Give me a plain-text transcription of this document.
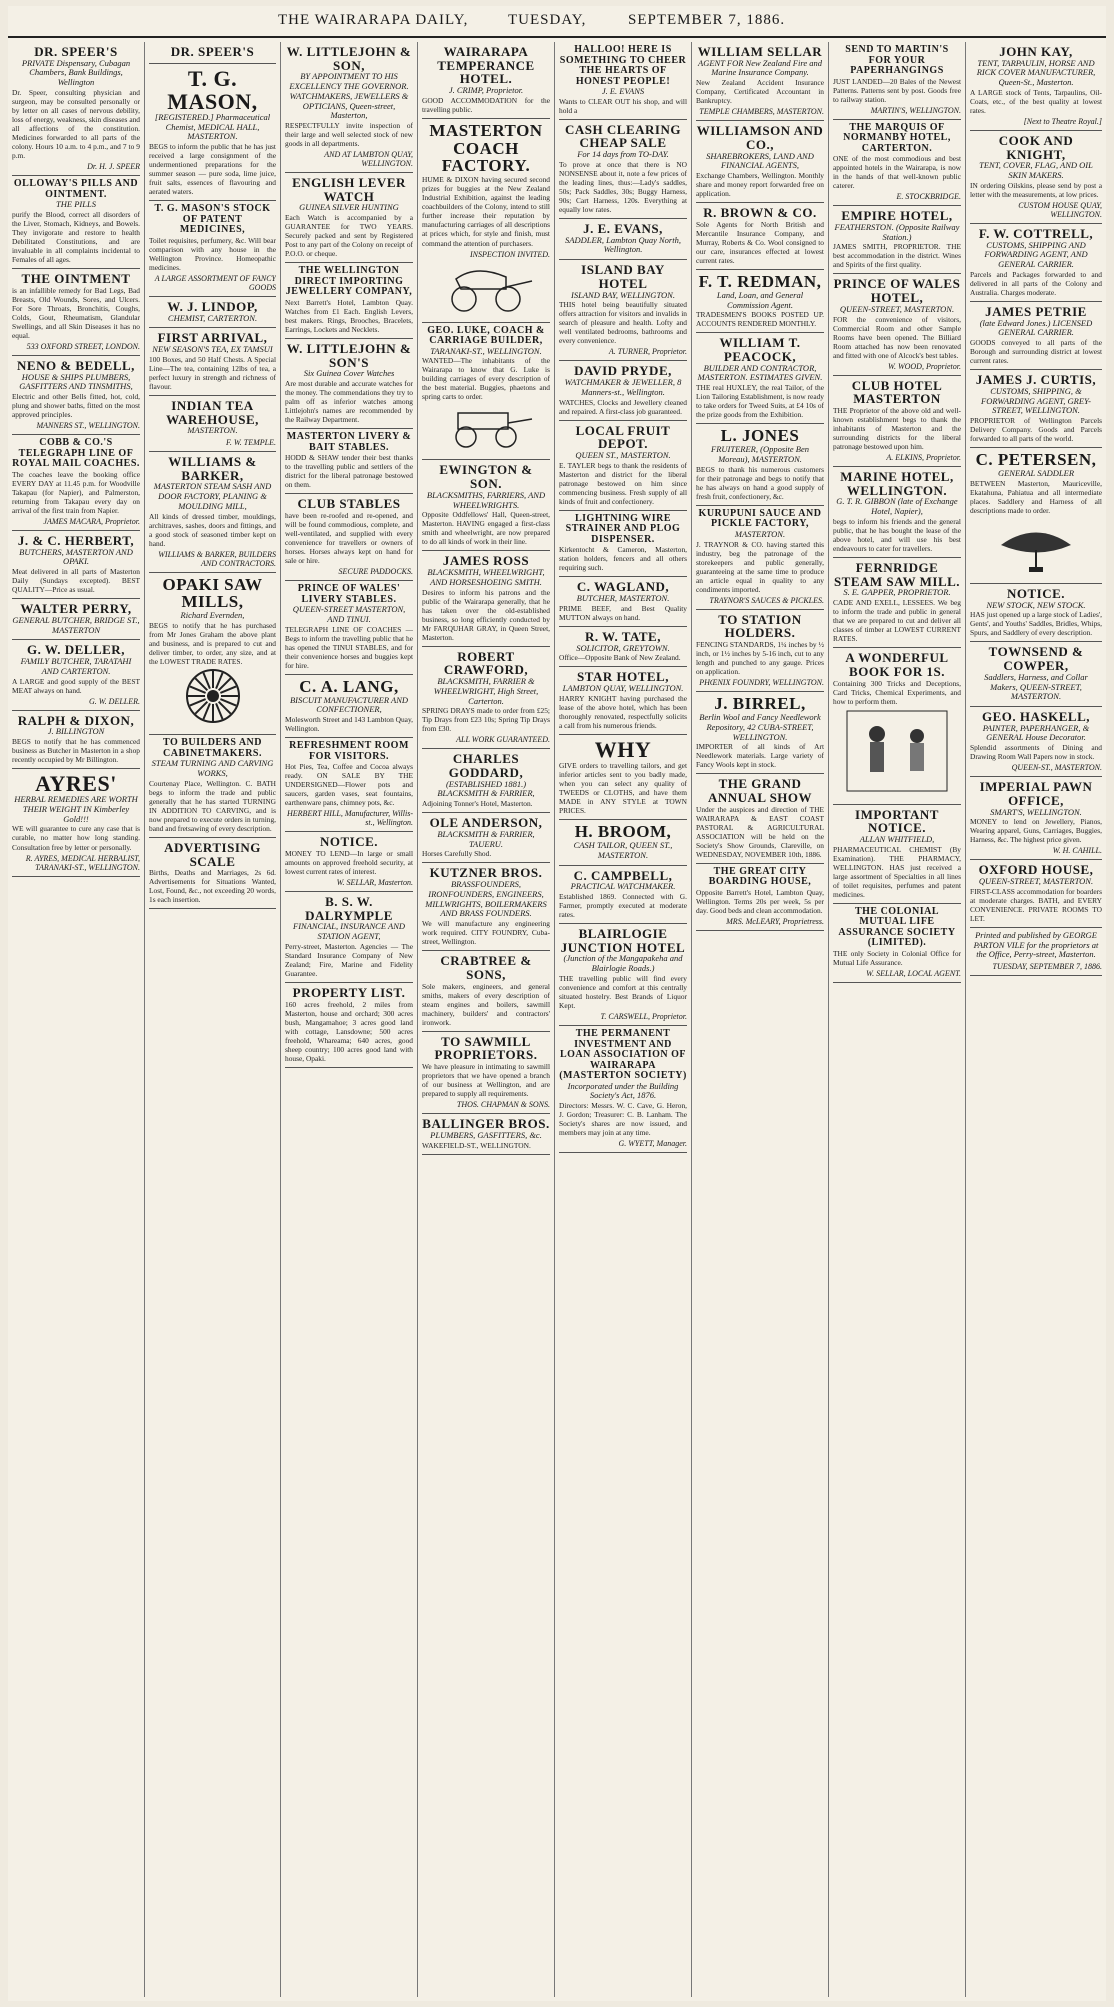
THE WAIRARAPA DAILY,	TUESDAY,	SEPTEMBER 7, 1886.
DR. SPEER'S
PRIVATE Dispensary, Cubagan Chambers, Bank Buildings, Wellington
Dr. Speer, consulting physician and surgeon, may be consulted personally or by letter on all cases of nervous debility, loss of energy, weakness, skin diseases and all affections of the constitution. Medicines forwarded to all parts of the colony. Hours 10 a.m. to 4 p.m., and 7 to 9 p.m.
Dr. H. J. SPEER
OLLOWAY'S PILLS AND OINTMENT.
THE PILLS
purify the Blood, correct all disorders of the Liver, Stomach, Kidneys, and Bowels. They invigorate and restore to health Debilitated Constitutions, and are invaluable in all complaints incidental to Females of all ages.
THE OINTMENT
is an infallible remedy for Bad Legs, Bad Breasts, Old Wounds, Sores, and Ulcers. For Sore Throats, Bronchitis, Coughs, Colds, Gout, Rheumatism, Glandular Swellings, and all Skin Diseases it has no equal.
533 OXFORD STREET, LONDON.
NENO & BEDELL,
HOUSE & SHIPS PLUMBERS, GASFITTERS AND TINSMITHS,
Electric and other Bells fitted, hot, cold, plung and shower baths, fitted on the most approved principles.
MANNERS ST., WELLINGTON.
COBB & CO.'S TELEGRAPH LINE OF ROYAL MAIL COACHES.
The coaches leave the booking office EVERY DAY at 11.45 p.m. for Woodville Takapau (for Napier), and Palmerston, returning from Takapau every day on arrival of the first train from Napier.
JAMES MACARA, Proprietor.
J. & C. HERBERT,
BUTCHERS, MASTERTON AND OPAKI.
Meat delivered in all parts of Masterton Daily (Sundays excepted). BEST QUALITY—Price as usual.
WALTER PERRY,
GENERAL BUTCHER, BRIDGE ST., MASTERTON
G. W. DELLER,
FAMILY BUTCHER, TARATAHI AND CARTERTON.
A LARGE and good supply of the BEST MEAT always on hand.
G. W. DELLER.
RALPH & DIXON,
J. BILLINGTON
BEGS to notify that he has commenced business as Butcher in Masterton in a shop recently occupied by Mr Billington.
AYRES'
HERBAL REMEDIES ARE WORTH THEIR WEIGHT IN Kimberley Gold!!!
WE will guarantee to cure any case that is curable, no matter how long standing. Consultation free by letter or personally.
R. AYRES, MEDICAL HERBALIST, TARANAKI-ST., WELLINGTON.
DR. SPEER'S
T. G. MASON,
[REGISTERED.] Pharmaceutical Chemist, MEDICAL HALL, MASTERTON.
BEGS to inform the public that he has just received a large consignment of the undermentioned preparations for the summer season — pure soda, lime juice, fruit salts, essences of flavouring and aerated waters.
T. G. MASON'S STOCK OF PATENT MEDICINES,
Toilet requisites, perfumery, &c. Will bear comparison with any house in the Wellington Province. Homeopathic medicines.
A LARGE ASSORTMENT OF FANCY GOODS
W. J. LINDOP,
CHEMIST, CARTERTON.
FIRST ARRIVAL,
NEW SEASON'S TEA, EX TAMSUI
100 Boxes, and 50 Half Chests. A Special Line—The tea, containing 12lbs of tea, a perfect luxury in strength and richness of flavour.
INDIAN TEA WAREHOUSE,
MASTERTON.
F. W. TEMPLE.
WILLIAMS & BARKER,
MASTERTON STEAM SASH AND DOOR FACTORY, PLANING & MOULDING MILL,
All kinds of dressed timber, mouldings, architraves, sashes, doors and fittings, and a good stock of seasoned timber kept on hand.
WILLIAMS & BARKER, BUILDERS AND CONTRACTORS.
OPAKI SAW MILLS,
Richard Evernden,
BEGS to notify that he has purchased from Mr Jones Graham the above plant and business, and is prepared to cut and deliver timber, to order, any size, and at the LOWEST TRADE RATES.
TO BUILDERS AND CABINETMAKERS.
STEAM TURNING AND CARVING WORKS,
Courtenay Place, Wellington. C. BATH begs to inform the trade and public generally that he has started TURNING IN ADDITION TO CARVING, and is now prepared to execute orders in turning, band and fretsawing of every description.
ADVERTISING SCALE
Births, Deaths and Marriages, 2s 6d. Advertisements for Situations Wanted, Lost, Found, &c., not exceeding 20 words, 1s each insertion.
W. LITTLEJOHN & SON,
BY APPOINTMENT TO HIS EXCELLENCY THE GOVERNOR. WATCHMAKERS, JEWELLERS & OPTICIANS, Queen-street, Masterton,
RESPECTFULLY invite inspection of their large and well selected stock of new goods in all departments.
AND AT LAMBTON QUAY, WELLINGTON.
ENGLISH LEVER WATCH
GUINEA SILVER HUNTING
Each Watch is accompanied by a GUARANTEE for TWO YEARS. Securely packed and sent by Registered Post to any part of the Colony on receipt of P.O.O. or cheque.
THE WELLINGTON DIRECT IMPORTING JEWELLERY COMPANY,
Next Barrett's Hotel, Lambton Quay. Watches from £1 Each. English Levers, best makers. Rings, Brooches, Bracelets, Earrings, Lockets and Necklets.
W. LITTLEJOHN & SON'S
Six Guinea Cover Watches
Are most durable and accurate watches for the money. The commendations they try to palm off as inferior watches among Littlejohn's names are recommended by the Railway Department.
MASTERTON LIVERY & BAIT STABLES.
HODD & SHAW tender their best thanks to the travelling public and settlers of the district for the liberal patronage bestowed on them.
CLUB STABLES
have been re-roofed and re-opened, and will be found commodious, complete, and well-ventilated, and supplied with every convenience for travellers or owners of horses. Horses always kept on hand for sale or hire.
SECURE PADDOCKS.
PRINCE OF WALES' LIVERY STABLES.
QUEEN-STREET MASTERTON, AND TINUI.
TELEGRAPH LINE OF COACHES — Begs to inform the travelling public that he has opened the TINUI STABLES, and for their convenience horses and buggies kept for hire.
C. A. LANG,
BISCUIT MANUFACTURER AND CONFECTIONER,
Molesworth Street and 143 Lambton Quay, Wellington.
REFRESHMENT ROOM FOR VISITORS.
Hot Pies, Tea, Coffee and Cocoa always ready. ON SALE BY THE UNDERSIGNED—Flower pots and saucers, garden vases, seat fountains, earthenware pans, chimney pots, &c.
HERBERT HILL, Manufacturer, Willis-st., Wellington.
NOTICE.
MONEY TO LEND—In large or small amounts on approved freehold security, at lowest current rates of interest.
W. SELLAR, Masterton.
B. S. W. DALRYMPLE
FINANCIAL, INSURANCE AND STATION AGENT,
Perry-street, Masterton. Agencies — The Standard Insurance Company of New Zealand; Fire, Marine and Fidelity Guarantee.
PROPERTY LIST.
160 acres freehold, 2 miles from Masterton, house and orchard; 300 acres bush, Mangamahoe; 3 acres good land with cottage, Lansdowne; 500 acres freehold, Whareama; 640 acres, good sheep country; 100 acres good land with house, Opaki.
WAIRARAPA TEMPERANCE HOTEL.
J. CRIMP, Proprietor.
GOOD ACCOMMODATION for the travelling public.
MASTERTON COACH FACTORY.
HUME & DIXON having secured second prizes for buggies at the New Zealand Industrial Exhibition, against the leading coachbuilders of the Colony, intend to still further increase their reputation by manufacturing carriages of all descriptions at prices which, for style and finish, must command the attention of purchasers.
INSPECTION INVITED.
GEO. LUKE, COACH & CARRIAGE BUILDER,
TARANAKI-ST., WELLINGTON.
WANTED—The inhabitants of the Wairarapa to know that G. Luke is building carriages of every description of the best material. Buggies, phaetons and spring carts to order.
EWINGTON & SON.
BLACKSMITHS, FARRIERS, AND WHEELWRIGHTS.
Opposite Oddfellows' Hall, Queen-street, Masterton. HAVING engaged a first-class smith and wheelwright, are now prepared to do all kinds of work in their line.
JAMES ROSS
BLACKSMITH, WHEELWRIGHT, AND HORSESHOEING SMITH.
Desires to inform his patrons and the public of the Wairarapa generally, that he has taken over the old-established business, so long efficiently conducted by Mr FARQUHAR GRAY, in Queen Street, Masterton.
ROBERT CRAWFORD,
BLACKSMITH, FARRIER & WHEELWRIGHT, High Street, Carterton.
SPRING DRAYS made to order from £25; Tip Drays from £23 10s; Spring Tip Drays from £30.
ALL WORK GUARANTEED.
CHARLES GODDARD,
(ESTABLISHED 1881.) BLACKSMITH & FARRIER,
Adjoining Tonner's Hotel, Masterton.
OLE ANDERSON,
BLACKSMITH & FARRIER, TAUERU.
Horses Carefully Shod.
KUTZNER BROS.
BRASSFOUNDERS, IRONFOUNDERS, ENGINEERS, MILLWRIGHTS, BOILERMAKERS AND BRASS FOUNDERS.
We will manufacture any engineering work required. CITY FOUNDRY, Cuba-street, Wellington.
CRABTREE & SONS,
Sole makers, engineers, and general smiths, makers of every description of steam engines and boilers, sawmill machinery, builders' and contractors' ironwork.
TO SAWMILL PROPRIETORS.
We have pleasure in intimating to sawmill proprietors that we have opened a branch of our business at Wellington, and are prepared to supply all requirements.
THOS. CHAPMAN & SONS.
BALLINGER BROS.
PLUMBERS, GASFITTERS, &c.
WAKEFIELD-ST., WELLINGTON.
HALLOO! HERE IS SOMETHING TO CHEER THE HEARTS OF HONEST PEOPLE!
J. E. EVANS
Wants to CLEAR OUT his shop, and will hold a
CASH CLEARING CHEAP SALE
For 14 days from TO-DAY.
To prove at once that there is NO NONSENSE about it, note a few prices of the leading lines, thus:—Lady's saddles, 50s; Pack Saddles, 30s; Buggy Harness, 90s; Cart Harness, 120s. Everything at equally low rates.
J. E. EVANS,
SADDLER, Lambton Quay North, Wellington.
ISLAND BAY HOTEL
ISLAND BAY, WELLINGTON.
THIS hotel being beautifully situated offers attraction for visitors and invalids in search of pleasure and health. Lofty and well ventilated bedrooms, bathrooms and every convenience.
A. TURNER, Proprietor.
DAVID PRYDE,
WATCHMAKER & JEWELLER, 8 Manners-st., Wellington.
WATCHES, Clocks and Jewellery cleaned and repaired. A first-class job guaranteed.
LOCAL FRUIT DEPOT.
QUEEN ST., MASTERTON.
E. TAYLER begs to thank the residents of Masterton and district for the liberal patronage bestowed on him since commencing business. Fresh supply of all kinds of fruit and confectionery.
LIGHTNING WIRE STRAINER AND PLOG DISPENSER.
Kirkentocht & Cameron, Masterton, station holders, fencers and all others requiring such.
C. WAGLAND,
BUTCHER, MASTERTON.
PRIME BEEF, and Best Quality MUTTON always on hand.
R. W. TATE,
SOLICITOR, GREYTOWN.
Office—Opposite Bank of New Zealand.
STAR HOTEL,
LAMBTON QUAY, WELLINGTON.
HARRY KNIGHT having purchased the lease of the above hotel, which has been thoroughly renovated, respectfully solicits a call from his numerous friends.
WHY
GIVE orders to travelling tailors, and get inferior articles sent to you badly made, when you can select any quality of TWEEDS or CLOTHS, and have them MADE in ANY STYLE at TOWN PRICES.
H. BROOM,
CASH TAILOR, QUEEN ST., MASTERTON.
C. CAMPBELL,
PRACTICAL WATCHMAKER.
Established 1869. Connected with G. Farmer, promptly executed at moderate rates.
BLAIRLOGIE JUNCTION HOTEL
(Junction of the Mangapakeha and Blairlogie Roads.)
THE travelling public will find every convenience and comfort at this centrally situated hostelry. Best Brands of Liquor Kept.
T. CARSWELL, Proprietor.
THE PERMANENT INVESTMENT AND LOAN ASSOCIATION OF WAIRARAPA (MASTERTON SOCIETY)
Incorporated under the Building Society's Act, 1876.
Directors: Messrs. W. C. Cave, G. Heron, J. Gordon; Treasurer: C. B. Lanham. The Society's shares are now issued, and members may join at any time.
G. WYETT, Manager.
WILLIAM SELLAR
AGENT FOR New Zealand Fire and Marine Insurance Company.
New Zealand Accident Insurance Company, Certificated Accountant in Bankruptcy.
TEMPLE CHAMBERS, MASTERTON.
WILLIAMSON AND CO.,
SHAREBROKERS, LAND AND FINANCIAL AGENTS,
Exchange Chambers, Wellington. Monthly share and money report forwarded free on application.
R. BROWN & CO.
Sole Agents for North British and Mercantile Insurance Company, and Murray, Roberts & Co. Wool consigned to our care, insurances effected at lowest current rates.
F. T. REDMAN,
Land, Loan, and General Commission Agent.
TRADESMEN'S BOOKS POSTED UP. ACCOUNTS RENDERED MONTHLY.
WILLIAM T. PEACOCK,
BUILDER AND CONTRACTOR, MASTERTON. ESTIMATES GIVEN.
THE real HUXLEY, the real Tailor, of the Lion Tailoring Establishment, is now ready to take orders for Tweed Suits, at £4 10s of the prize goods from the Exhibition.
L. JONES
FRUITERER, (Opposite Ben Moreau), MASTERTON.
BEGS to thank his numerous customers for their patronage and begs to notify that he has always on hand a good supply of fresh fruit, confectionery, &c.
KURUPUNI SAUCE AND PICKLE FACTORY,
MASTERTON.
J. TRAYNOR & CO. having started this industry, beg the patronage of the storekeepers and public generally, guaranteeing at the same time to produce an article equal in quality to any condiments imported.
TRAYNOR'S SAUCES & PICKLES.
TO STATION HOLDERS.
FENCING STANDARDS, 1¼ inches by ½ inch, or 1½ inches by 5-16 inch, cut to any length and punched to any gauge. Prices on application.
PHŒNIX FOUNDRY, WELLINGTON.
J. BIRREL,
Berlin Wool and Fancy Needlework Repository, 42 CUBA-STREET, WELLINGTON.
IMPORTER of all kinds of Art Needlework materials. Large variety of Fancy Wools kept in stock.
THE GRAND ANNUAL SHOW
Under the auspices and direction of THE WAIRARAPA & EAST COAST PASTORAL & AGRICULTURAL ASSOCIATION will be held on the Society's Show Grounds, Clareville, on WEDNESDAY, NOVEMBER 10th, 1886.
THE GREAT CITY BOARDING HOUSE,
Opposite Barrett's Hotel, Lambton Quay, Wellington. Terms 20s per week, 5s per day. Good beds and clean accommodation.
MRS. McLEARY, Proprietress.
SEND TO MARTIN'S FOR YOUR PAPERHANGINGS
JUST LANDED—20 Bales of the Newest Patterns. Patterns sent by post. Goods free to railway station.
MARTIN'S, WELLINGTON.
THE MARQUIS OF NORMANBY HOTEL, CARTERTON.
ONE of the most commodious and best appointed hotels in the Wairarapa, is now in the hands of that well-known public caterer.
E. STOCKBRIDGE.
EMPIRE HOTEL,
FEATHERSTON. (Opposite Railway Station.)
JAMES SMITH, PROPRIETOR. THE best accommodation in the district. Wines and Spirits of the first quality.
PRINCE OF WALES HOTEL,
QUEEN-STREET, MASTERTON.
FOR the convenience of visitors, Commercial Room and other Sample Rooms have been opened. The Billiard Room attached has now been renovated and fitted with one of Alcock's best tables.
W. WOOD, Proprietor.
CLUB HOTEL MASTERTON
THE Proprietor of the above old and well-known establishment begs to thank the inhabitants of Masterton and the surrounding districts for the liberal patronage bestowed upon him.
A. ELKINS, Proprietor.
MARINE HOTEL, WELLINGTON.
G. T. R. GIBBON (late of Exchange Hotel, Napier),
begs to inform his friends and the general public, that he has bought the lease of the above hotel, and will use his best endeavours to cater for travellers.
FERNRIDGE STEAM SAW MILL.
S. E. GAPPER, PROPRIETOR.
CADE AND EXELL, LESSEES. We beg to inform the trade and public in general that we are prepared to cut and deliver all classes of timber at LOWEST CURRENT RATES.
A WONDERFUL BOOK FOR 1S.
Containing 300 Tricks and Deceptions, Card Tricks, Chemical Experiments, and how to perform them.
IMPORTANT NOTICE.
ALLAN WHITFIELD,
PHARMACEUTICAL CHEMIST (By Examination). THE PHARMACY, WELLINGTON. HAS just received a large assortment of Specialties in all lines of toilet requisites, perfumes and patent medicines.
THE COLONIAL MUTUAL LIFE ASSURANCE SOCIETY (LIMITED).
THE only Society in Colonial Office for Mutual Life Assurance.
W. SELLAR, LOCAL AGENT.
JOHN KAY,
TENT, TARPAULIN, HORSE AND RICK COVER MANUFACTURER, Queen-St., Masterton.
A LARGE stock of Tents, Tarpaulins, Oil-Coats, etc., of the best quality at lowest rates.
[Next to Theatre Royal.]
COOK AND KNIGHT,
TENT, COVER, FLAG, AND OIL SKIN MAKERS.
IN ordering Oilskins, please send by post a letter with the measurements, at low prices.
CUSTOM HOUSE QUAY, WELLINGTON.
F. W. COTTRELL,
CUSTOMS, SHIPPING AND FORWARDING AGENT, AND GENERAL CARRIER.
Parcels and Packages forwarded to and delivered in all parts of the Colony and Australia. Charges moderate.
JAMES PETRIE
(late Edward Jones.) LICENSED GENERAL CARRIER.
GOODS conveyed to all parts of the Borough and surrounding district at lowest current rates.
JAMES J. CURTIS,
CUSTOMS, SHIPPING, & FORWARDING AGENT, GREY-STREET, WELLINGTON.
PROPRIETOR of Wellington Parcels Delivery Company. Goods and Parcels forwarded to all parts of the world.
C. PETERSEN,
GENERAL SADDLER
BETWEEN Masterton, Mauriceville, Ekatahuna, Pahiatua and all intermediate places. Saddlery and Harness of all descriptions made to order.
NOTICE.
NEW STOCK, NEW STOCK.
HAS just opened up a large stock of Ladies', Gents', and Youths' Saddles, Bridles, Whips, Spurs, and Saddlery of every description.
TOWNSEND & COWPER,
Saddlers, Harness, and Collar Makers, QUEEN-STREET, MASTERTON.
GEO. HASKELL,
PAINTER, PAPERHANGER, & GENERAL House Decorator.
Splendid assortments of Dining and Drawing Room Wall Papers now in stock.
QUEEN-ST., MASTERTON.
IMPERIAL PAWN OFFICE,
SMART'S, WELLINGTON.
MONEY to lend on Jewellery, Pianos, Wearing apparel, Guns, Carriages, Buggies, Harness, &c. The highest price given.
W. H. CAHILL.
OXFORD HOUSE,
QUEEN-STREET, MASTERTON.
FIRST-CLASS accommodation for boarders at moderate charges. BATH, and EVERY CONVENIENCE. PRIVATE ROOMS TO LET.
Printed and published by GEORGE PARTON VILE for the proprietors at the Office, Perry-street, Masterton.
TUESDAY, SEPTEMBER 7, 1886.
